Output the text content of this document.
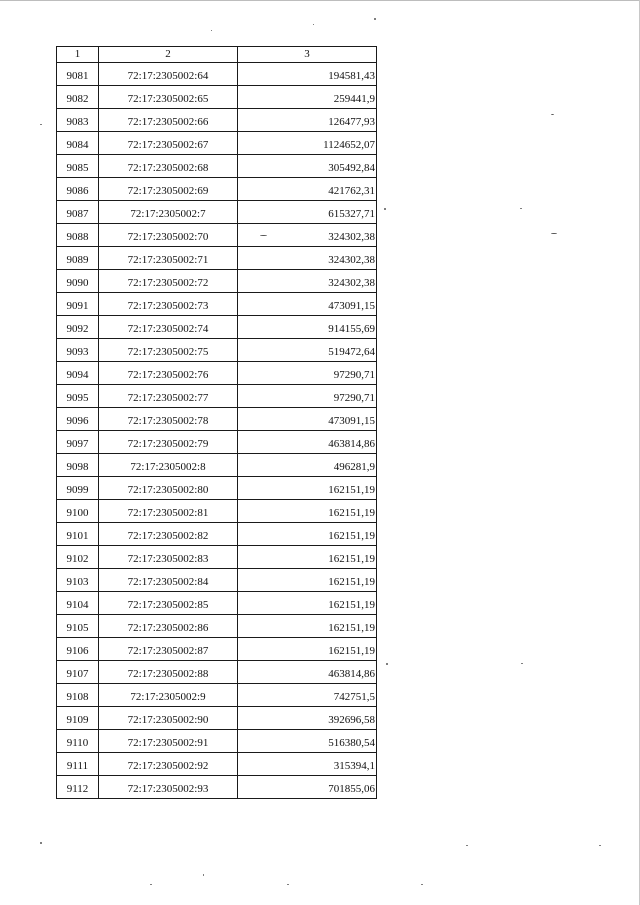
1	2	3
9081	72:17:2305002:64	194581,43
9082	72:17:2305002:65	259441,9
9083	72:17:2305002:66	126477,93
9084	72:17:2305002:67	1124652,07
9085	72:17:2305002:68	305492,84
9086	72:17:2305002:69	421762,31
9087	72:17:2305002:7	615327,71
9088	72:17:2305002:70	324302,38
9089	72:17:2305002:71	324302,38
9090	72:17:2305002:72	324302,38
9091	72:17:2305002:73	473091,15
9092	72:17:2305002:74	914155,69
9093	72:17:2305002:75	519472,64
9094	72:17:2305002:76	97290,71
9095	72:17:2305002:77	97290,71
9096	72:17:2305002:78	473091,15
9097	72:17:2305002:79	463814,86
9098	72:17:2305002:8	496281,9
9099	72:17:2305002:80	162151,19
9100	72:17:2305002:81	162151,19
9101	72:17:2305002:82	162151,19
9102	72:17:2305002:83	162151,19
9103	72:17:2305002:84	162151,19
9104	72:17:2305002:85	162151,19
9105	72:17:2305002:86	162151,19
9106	72:17:2305002:87	162151,19
9107	72:17:2305002:88	463814,86
9108	72:17:2305002:9	742751,5
9109	72:17:2305002:90	392696,58
9110	72:17:2305002:91	516380,54
9111	72:17:2305002:92	315394,1
9112	72:17:2305002:93	701855,06
